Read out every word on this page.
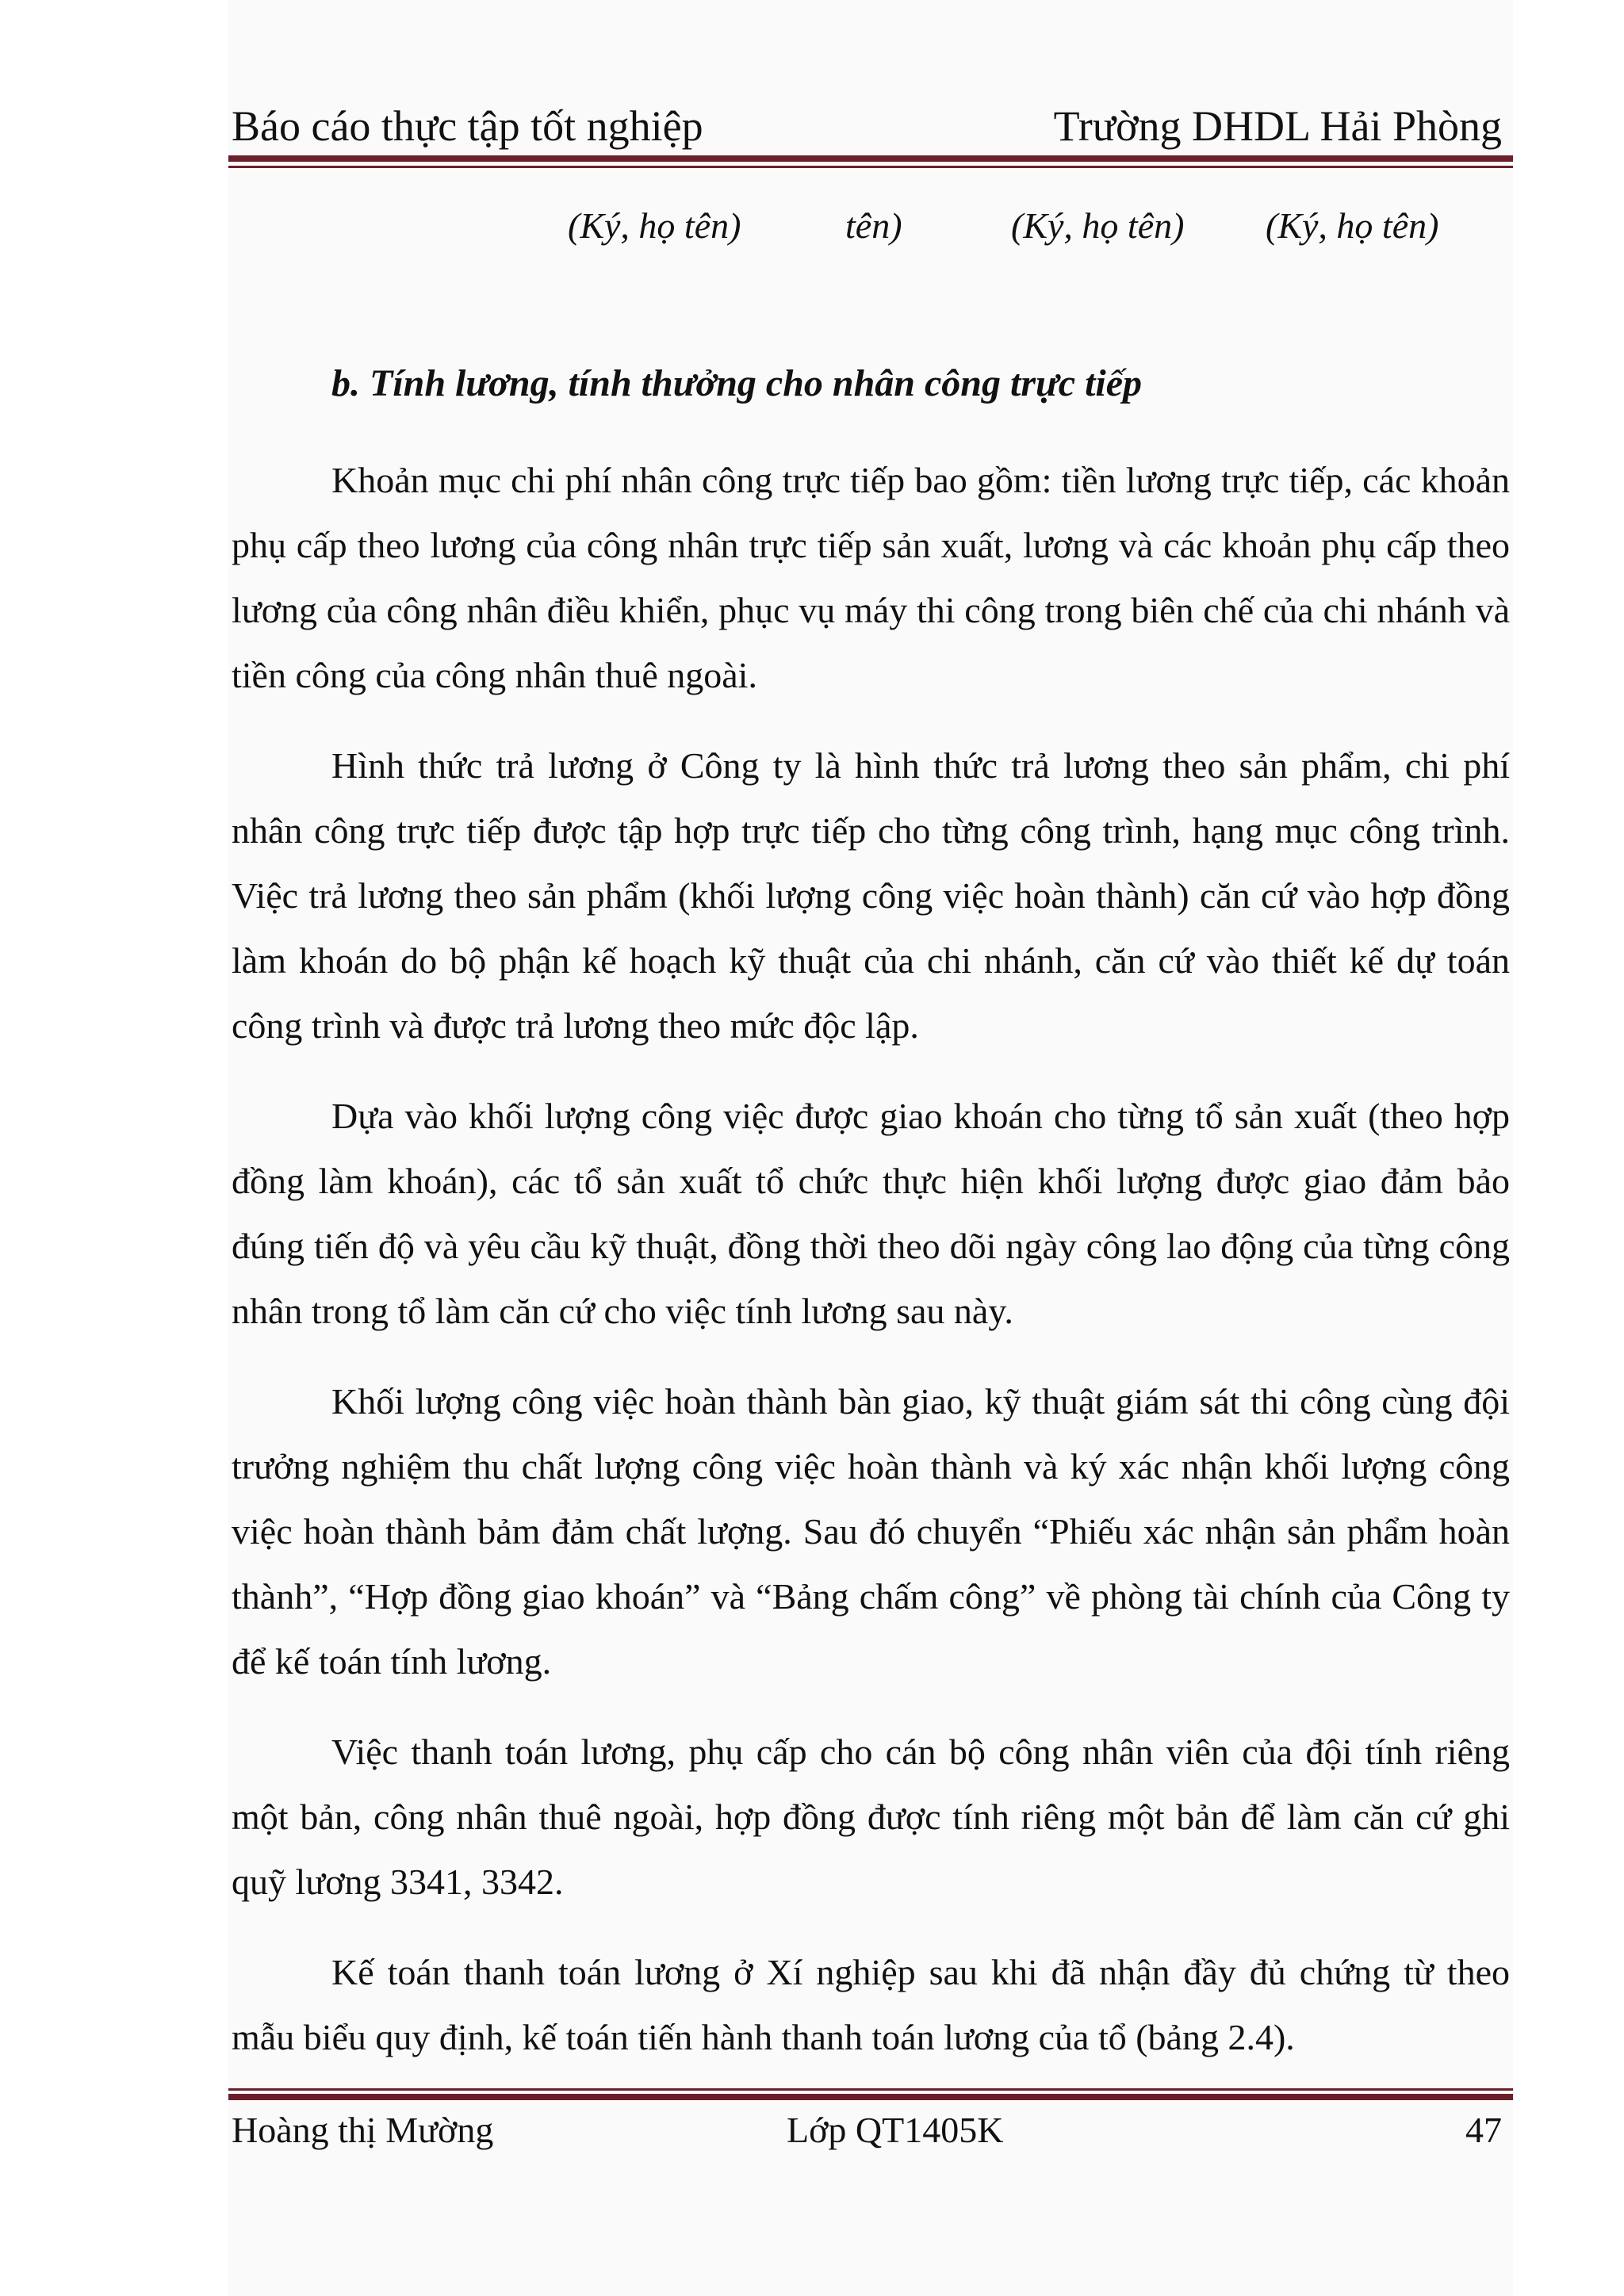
Báo cáo thực tập tốt nghiệp	Trường DHDL Hải Phòng
(Ký, họ tên)	tên)	(Ký, họ tên) (Ký, họ tên)
b. Tính lương, tính thưởng cho nhân công trực tiếp

Khoản mục chi phí nhân công trực tiếp bao gồm: tiền lương trực tiếp, các khoản phụ cấp theo lương của công nhân trực tiếp sản xuất, lương và các khoản phụ cấp theo lương của công nhân điều khiển, phục vụ máy thi công trong biên chế của chi nhánh và tiền công của công nhân thuê ngoài.

Hình thức trả lương ở Công ty là hình thức trả lương theo sản phẩm, chi phí nhân công trực tiếp được tập hợp trực tiếp cho từng công trình, hạng mục công trình. Việc trả lương theo sản phẩm (khối lượng công việc hoàn thành) căn cứ vào hợp đồng làm khoán do bộ phận kế hoạch kỹ thuật của chi nhánh, căn cứ vào thiết kế dự toán công trình và được trả lương theo mức độc lập.

Dựa vào khối lượng công việc được giao khoán cho từng tổ sản xuất (theo hợp đồng làm khoán), các tổ sản xuất tổ chức thực hiện khối lượng được giao đảm bảo đúng tiến độ và yêu cầu kỹ thuật, đồng thời theo dõi ngày công lao động của từng công nhân trong tổ làm căn cứ cho việc tính lương sau này.

Khối lượng công việc hoàn thành bàn giao, kỹ thuật giám sát thi công cùng đội trưởng nghiệm thu chất lượng công việc hoàn thành và ký xác nhận khối lượng công việc hoàn thành bảm đảm chất lượng. Sau đó chuyển “Phiếu xác nhận sản phẩm hoàn thành”, “Hợp đồng giao khoán” và “Bảng chấm công” về phòng tài chính của Công ty để kế toán tính lương.

Việc thanh toán lương, phụ cấp cho cán bộ công nhân viên của đội tính riêng một bản, công nhân thuê ngoài, hợp đồng được tính riêng một bản để làm căn cứ ghi quỹ lương 3341, 3342.

Kế toán thanh toán lương ở Xí nghiệp sau khi đã nhận đầy đủ chứng từ theo mẫu biểu quy định, kế toán tiến hành thanh toán lương của tổ (bảng 2.4).

Hoàng thị Mường	Lớp QT1405K	47
